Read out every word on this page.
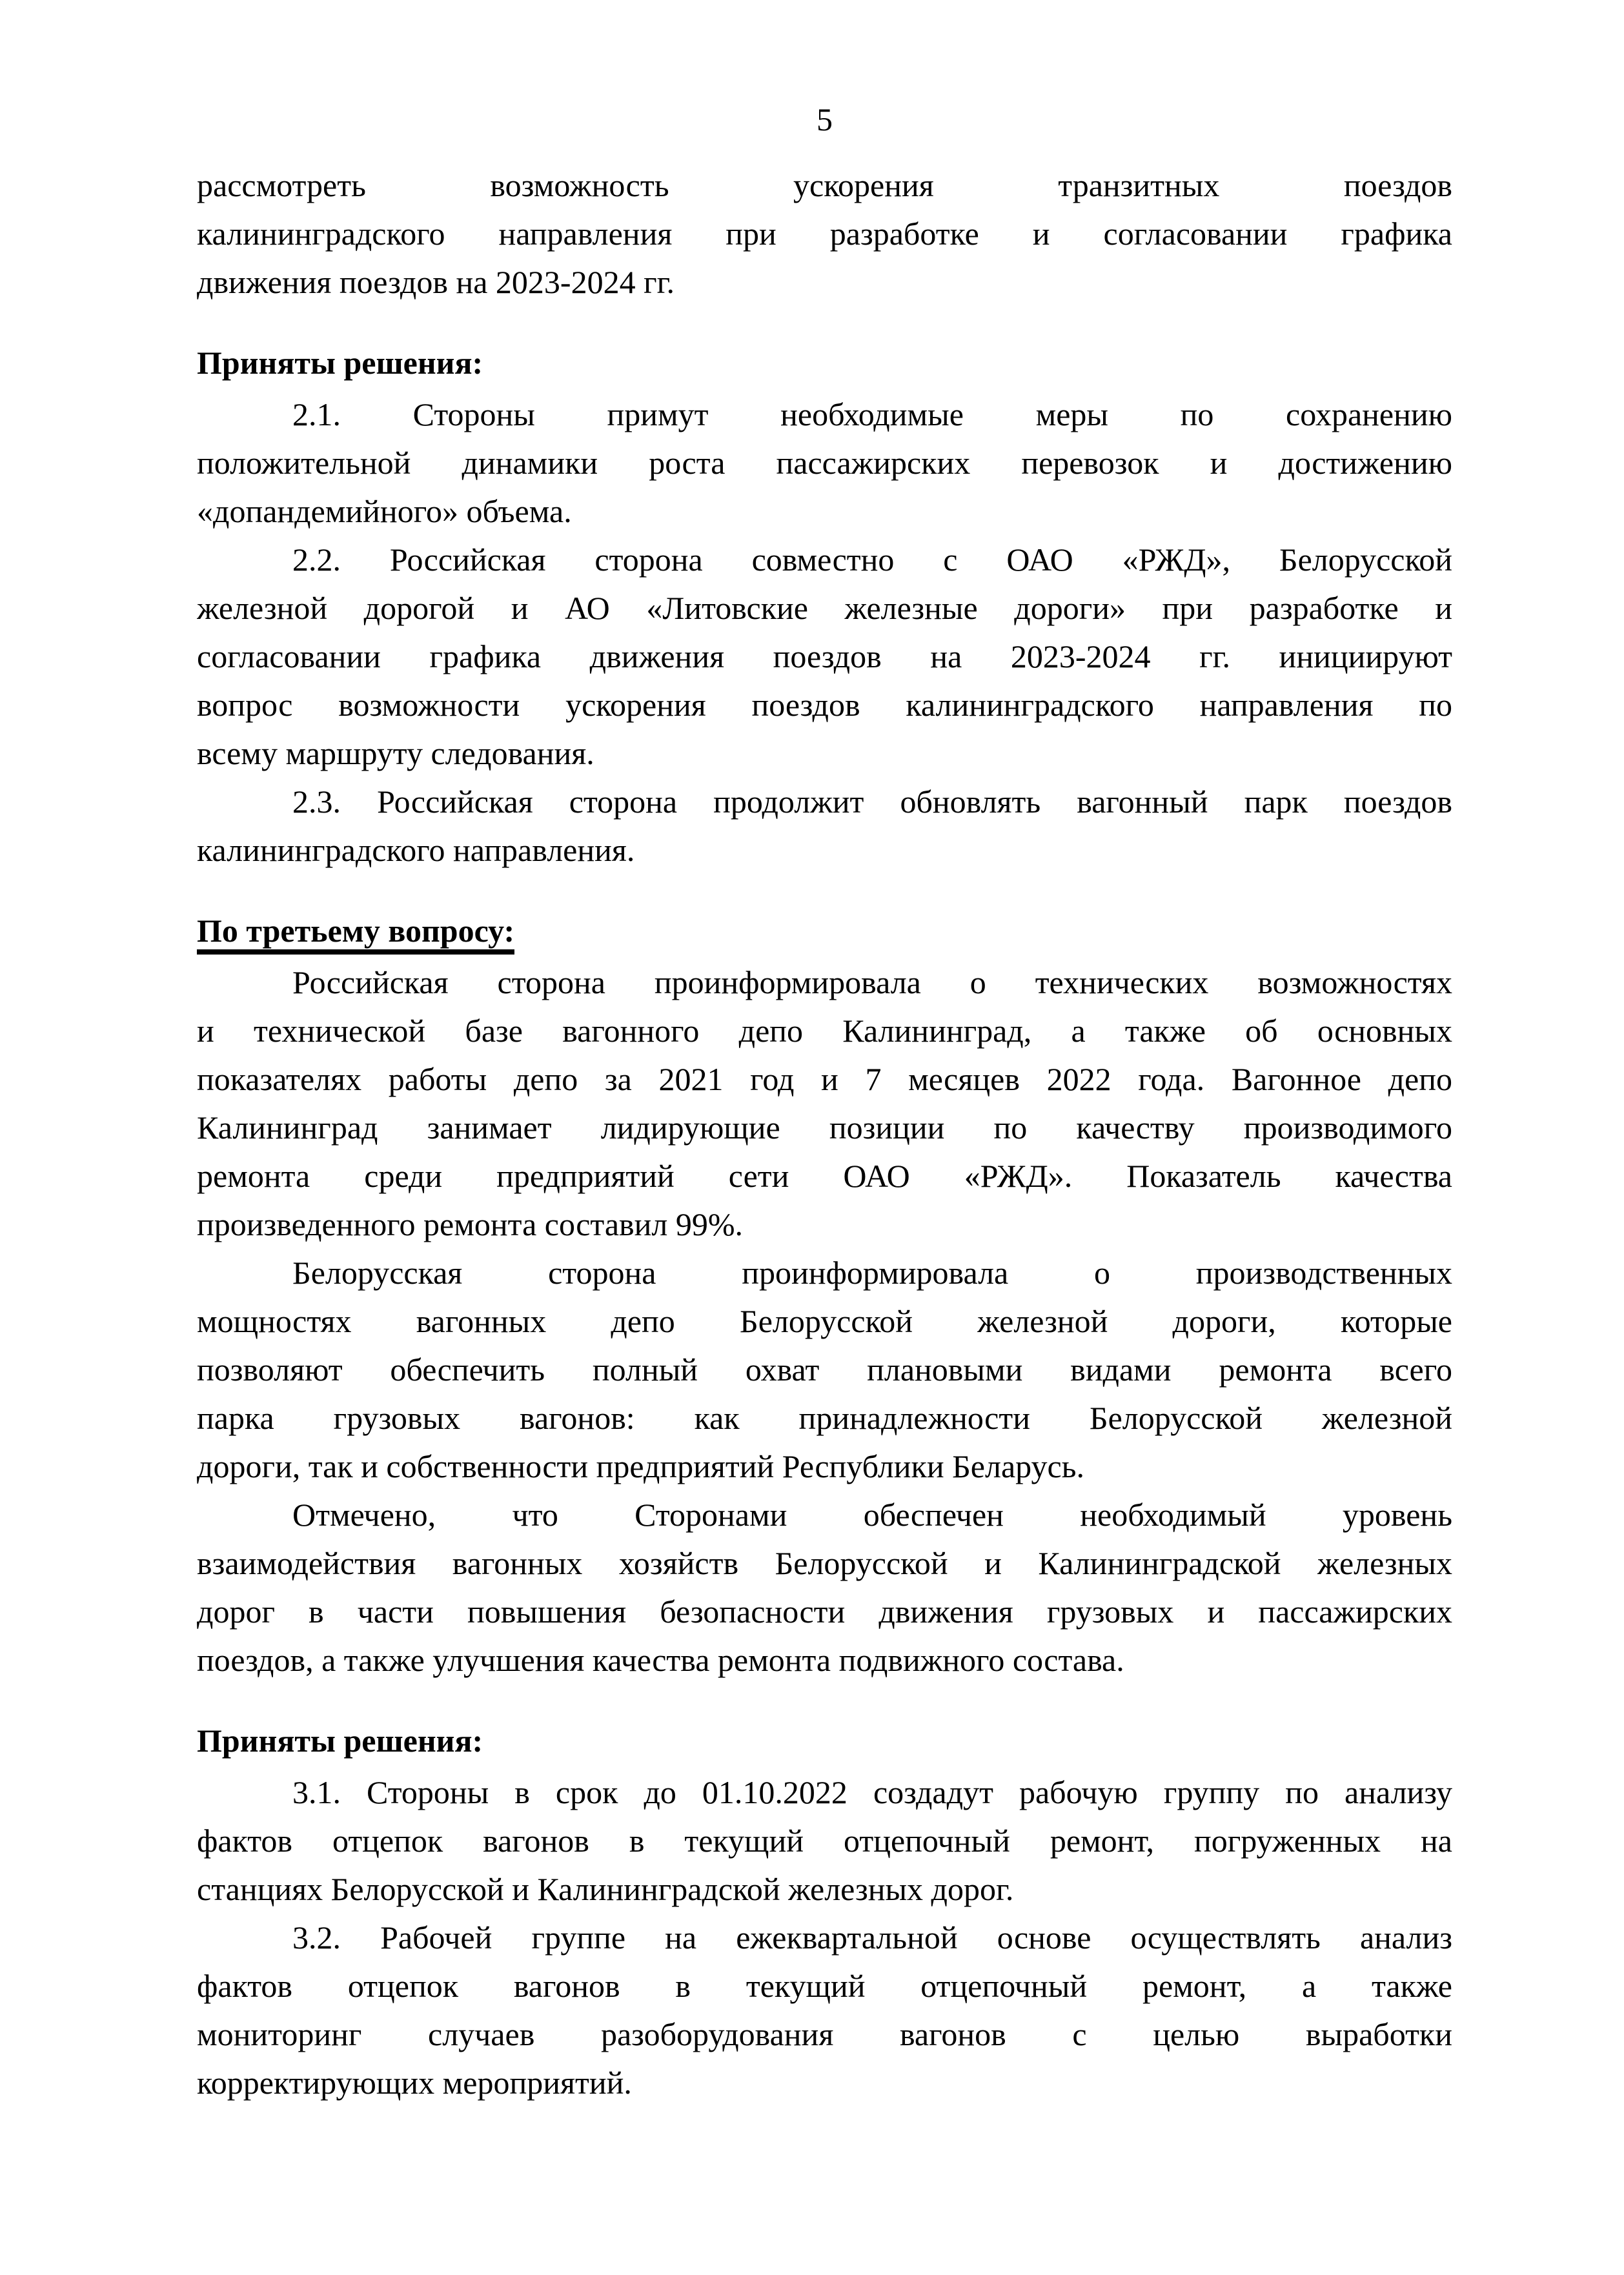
5
рассмотреть возможность ускорения транзитных поездов
калининградского направления при разработке и согласовании графика
движения поездов на 2023-2024 гг.
Приняты решения:
2.1. Стороны примут необходимые меры по сохранению
положительной динамики роста пассажирских перевозок и достижению
«допандемийного» объема.
2.2. Российская сторона совместно с ОАО «РЖД», Белорусской
железной дорогой и АО «Литовские железные дороги» при разработке и
согласовании графика движения поездов на 2023-2024 гг. инициируют
вопрос возможности ускорения поездов калининградского направления по
всему маршруту следования.
2.3. Российская сторона продолжит обновлять вагонный парк поездов
калининградского направления.
По третьему вопросу:
Российская сторона проинформировала о технических возможностях
и технической базе вагонного депо Калининград, а также об основных
показателях работы депо за 2021 год и 7 месяцев 2022 года. Вагонное депо
Калининград занимает лидирующие позиции по качеству производимого
ремонта среди предприятий сети ОАО «РЖД». Показатель качества
произведенного ремонта составил 99%.
Белорусская сторона проинформировала о производственных
мощностях вагонных депо Белорусской железной дороги, которые
позволяют обеспечить полный охват плановыми видами ремонта всего
парка грузовых вагонов: как принадлежности Белорусской железной
дороги, так и собственности предприятий Республики Беларусь.
Отмечено, что Сторонами обеспечен необходимый уровень
взаимодействия вагонных хозяйств Белорусской и Калининградской железных
дорог в части повышения безопасности движения грузовых и пассажирских
поездов, а также улучшения качества ремонта подвижного состава.
Приняты решения:
3.1. Стороны в срок до 01.10.2022 создадут рабочую группу по анализу
фактов отцепок вагонов в текущий отцепочный ремонт, погруженных на
станциях Белорусской и Калининградской железных дорог.
3.2. Рабочей группе на ежеквартальной основе осуществлять анализ
фактов отцепок вагонов в текущий отцепочный ремонт, а также
мониторинг случаев разоборудования вагонов с целью выработки
корректирующих мероприятий.
